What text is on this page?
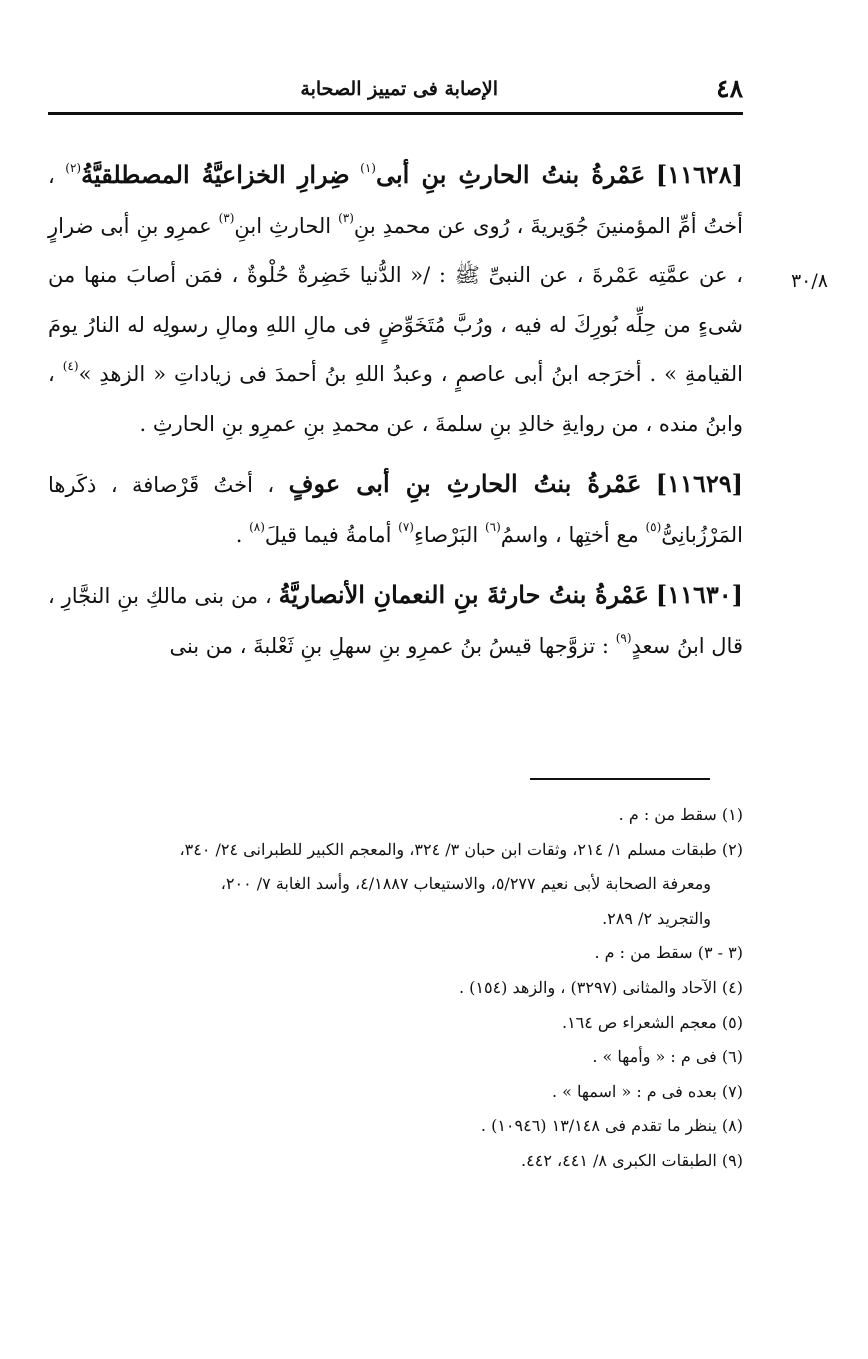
٤٨
الإصابة فى تمييز الصحابة
٣٠/٨

[١١٦٢٨] عَمْرةُ بنتُ الحارثِ بنِ أبى$^{(١)}$ ضِرارِ الخزاعيَّةُ المصطلقيَّةُ$^{(٢)}$ ، أختُ أمِّ المؤمنينَ جُوَيريةَ ، رُوى عن محمدِ بنِ$^{(٣)}$ الحارثِ ابنِ$^{(٣)}$ عمرِو بنِ أبى ضرارٍ ، عن عمَّتِه عَمْرةَ ، عن النبىِّ ﷺ : /« الدُّنيا خَضِرةٌ حُلْوةٌ ، فمَن أصابَ منها من شىءٍ من حِلِّه بُورِكَ له فيه ، ورُبَّ مُتَخَوِّضٍ فى مالِ اللهِ ومالِ رسولِه له النارُ يومَ القيامةِ » . أخرَجه ابنُ أبى عاصمٍ ، وعبدُ اللهِ بنُ أحمدَ فى زياداتِ « الزهدِ »$^{(٤)}$ ، وابنُ منده ، من روايةِ خالدِ بنِ سلمةَ ، عن محمدِ بنِ عمرِو بنِ الحارثِ .

[١١٦٢٩] عَمْرةُ بنتُ الحارثِ بنِ أبى عوفٍ ، أختُ قَرْصافة ، ذكَرها المَرْزُبانِىُّ$^{(٥)}$ مع أختِها ، واسمُ$^{(٦)}$ البَرْصاءِ$^{(٧)}$ أمامةُ فيما قيلَ$^{(٨)}$ .

[١١٦٣٠] عَمْرةُ بنتُ حارثةَ بنِ النعمانِ الأنصاريَّةُ ، من بنى مالكِ بنِ النجَّارِ ، قال ابنُ سعدٍ$^{(٩)}$ : تزوَّجها قيسُ بنُ عمرِو بنِ سهلِ بنِ ثَعْلبةَ ، من بنى

(١) سقط من : م .

(٢) طبقات مسلم ١/ ٢١٤، وثقات ابن حبان ٣/ ٣٢٤، والمعجم الكبير للطبرانى ٢٤/ ٣٤٠،

ومعرفة الصحابة لأبى نعيم ٥/٢٧٧، والاستيعاب ٤/١٨٨٧، وأسد الغابة ٧/ ٢٠٠،

والتجريد ٢/ ٢٨٩.

(٣ - ٣) سقط من : م .

(٤) الآحاد والمثانى (٣٢٩٧) ، والزهد (١٥٤) .

(٥) معجم الشعراء ص ١٦٤.

(٦) فى م : « وأمها » .

(٧) بعده فى م : « اسمها » .

(٨) ينظر ما تقدم فى ١٣/١٤٨ (١٠٩٤٦) .

(٩) الطبقات الكبرى ٨/ ٤٤١، ٤٤٢.
